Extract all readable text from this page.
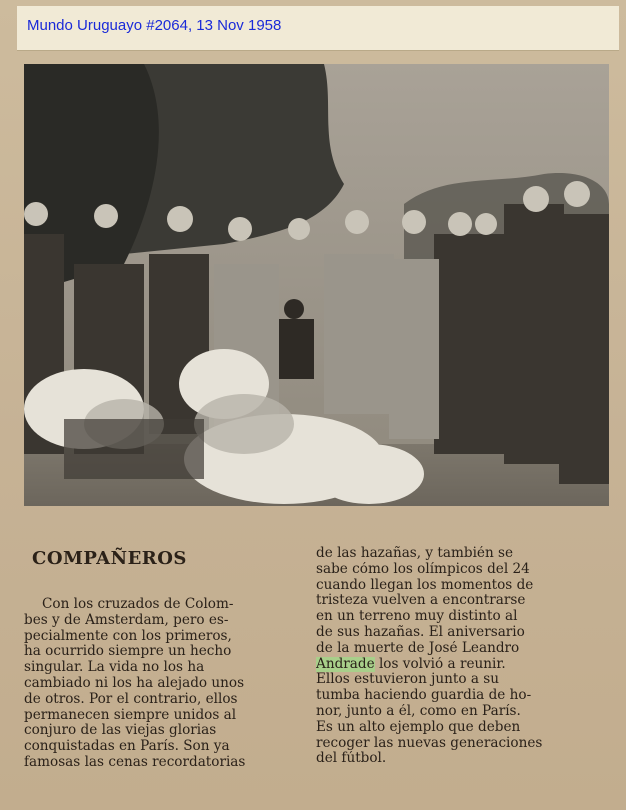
Mundo Uruguayo #2064, 13 Nov 1958
COMPAÑEROS
Con los cruzados de Colom-
bes y de Amsterdam, pero es-
pecialmente con los primeros,
ha ocurrido siempre un hecho
singular. La vida no los ha
cambiado ni los ha alejado unos
de otros. Por el contrario, ellos
permanecen siempre unidos al
conjuro de las viejas glorias
conquistadas en París. Son ya
famosas las cenas recordatorias
de las hazañas, y también se
sabe cómo los olímpicos del 24
cuando llegan los momentos de
tristeza vuelven a encontrarse
en un terreno muy distinto al
de sus hazañas. El aniversario
de la muerte de José Leandro
Andrade los volvió a reunir.
Ellos estuvieron junto a su
tumba haciendo guardia de ho-
nor, junto a él, como en París.
Es un alto ejemplo que deben
recoger las nuevas generaciones
del fútbol.
